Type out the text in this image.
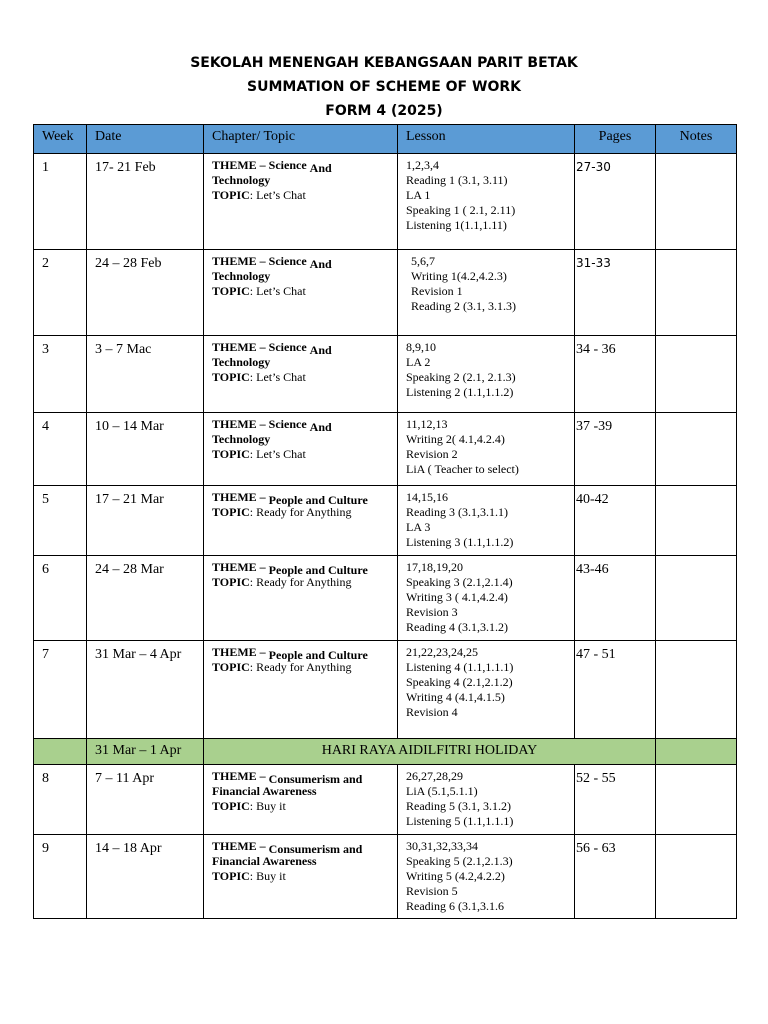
SEKOLAH MENENGAH KEBANGSAAN PARIT BETAK
SUMMATION OF SCHEME OF WORK
FORM 4 (2025)
Week	Date	Chapter/ Topic	Lesson	Pages	Notes
1	17- 21 Feb	THEME – Science And
Technology
TOPIC: Let’s Chat	1,2,3,4
Reading 1 (3.1, 3.11)
LA 1
Speaking 1 ( 2.1, 2.11)
Listening 1(1.1,1.11)	27-30	
2	24 – 28 Feb	THEME – Science And
Technology
TOPIC: Let’s Chat	5,6,7
Writing 1(4.2,4.2.3)
Revision 1
Reading 2 (3.1, 3.1.3)	31-33	
3	3 – 7 Mac	THEME – Science And
Technology
TOPIC: Let’s Chat	8,9,10
LA 2
Speaking 2 (2.1, 2.1.3)
Listening 2 (1.1,1.1.2)	34 - 36	
4	10 – 14 Mar	THEME – Science And
Technology
TOPIC: Let’s Chat	11,12,13
Writing 2( 4.1,4.2.4)
Revision 2
LiA ( Teacher to select)	37 -39	
5	17 – 21 Mar	THEME – People and Culture
TOPIC: Ready for Anything	14,15,16
Reading 3 (3.1,3.1.1)
LA 3
Listening 3 (1.1,1.1.2)	40-42	
6	24 – 28 Mar	THEME – People and Culture
TOPIC: Ready for Anything	17,18,19,20
Speaking 3 (2.1,2.1.4)
Writing 3 ( 4.1,4.2.4)
Revision 3
Reading 4 (3.1,3.1.2)	43-46	
7	31 Mar – 4 Apr	THEME – People and Culture
TOPIC: Ready for Anything	21,22,23,24,25
Listening 4 (1.1,1.1.1)
Speaking 4 (2.1,2.1.2)
Writing 4 (4.1,4.1.5)
Revision 4	47 - 51	
	31 Mar – 1 Apr	HARI RAYA AIDILFITRI HOLIDAY			
8	7 – 11 Apr	THEME – Consumerism and
Financial Awareness
TOPIC: Buy it	26,27,28,29
LiA (5.1,5.1.1)
Reading 5 (3.1, 3.1.2)
Listening 5 (1.1,1.1.1)	52 - 55	
9	14 – 18 Apr	THEME – Consumerism and
Financial Awareness
TOPIC: Buy it	30,31,32,33,34
Speaking 5 (2.1,2.1.3)
Writing 5 (4.2,4.2.2)
Revision 5
Reading 6 (3.1,3.1.6	56 - 63	
